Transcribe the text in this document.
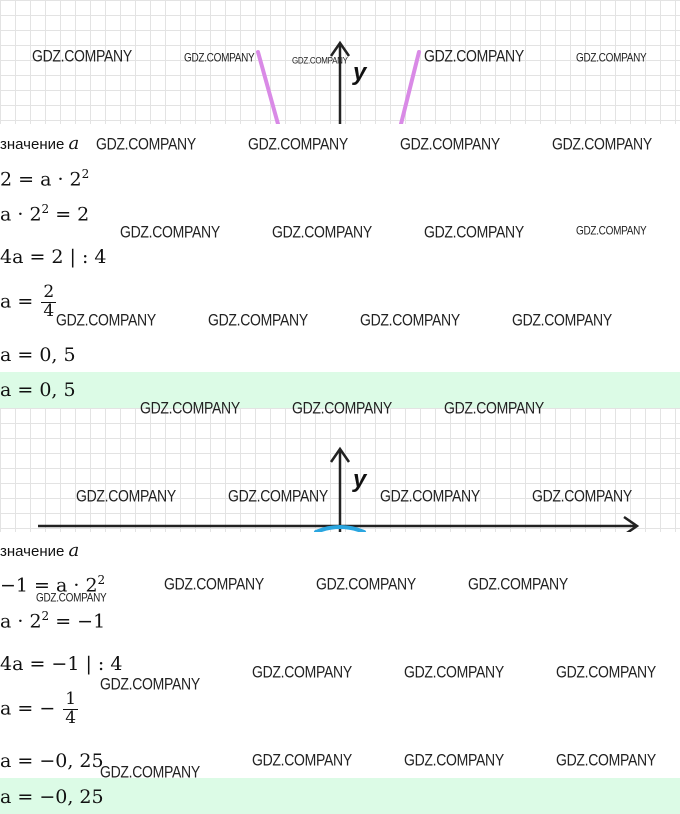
y
значение a
$2 = a \cdot 2^2$
$a \cdot 2^2 = 2$
4a = 2 | : 4
$a = \frac{2}{4}$
a = 0, 5
a = 0, 5
y
значение a
$-1 = a \cdot 2^2$
$a \cdot 2^2 = -1$
4a = −1 | : 4
a = − $\frac{1}{4}$
a = −0, 25
a = −0, 25
GDZ.COMPANY	GDZ.COMPANY	GDZ.COMPANY	GDZ.COMPANY	GDZ.COMPANY
GDZ.COMPANY	GDZ.COMPANY	GDZ.COMPANY	GDZ.COMPANY
GDZ.COMPANY	GDZ.COMPANY	GDZ.COMPANY	GDZ.COMPANY
GDZ.COMPANY	GDZ.COMPANY	GDZ.COMPANY	GDZ.COMPANY
GDZ.COMPANY	GDZ.COMPANY	GDZ.COMPANY
GDZ.COMPANY	GDZ.COMPANY	GDZ.COMPANY	GDZ.COMPANY
GDZ.COMPANY	GDZ.COMPANY	GDZ.COMPANY
GDZ.COMPANY
GDZ.COMPANY	GDZ.COMPANY	GDZ.COMPANY
GDZ.COMPANY
GDZ.COMPANY	GDZ.COMPANY	GDZ.COMPANY
GDZ.COMPANY
